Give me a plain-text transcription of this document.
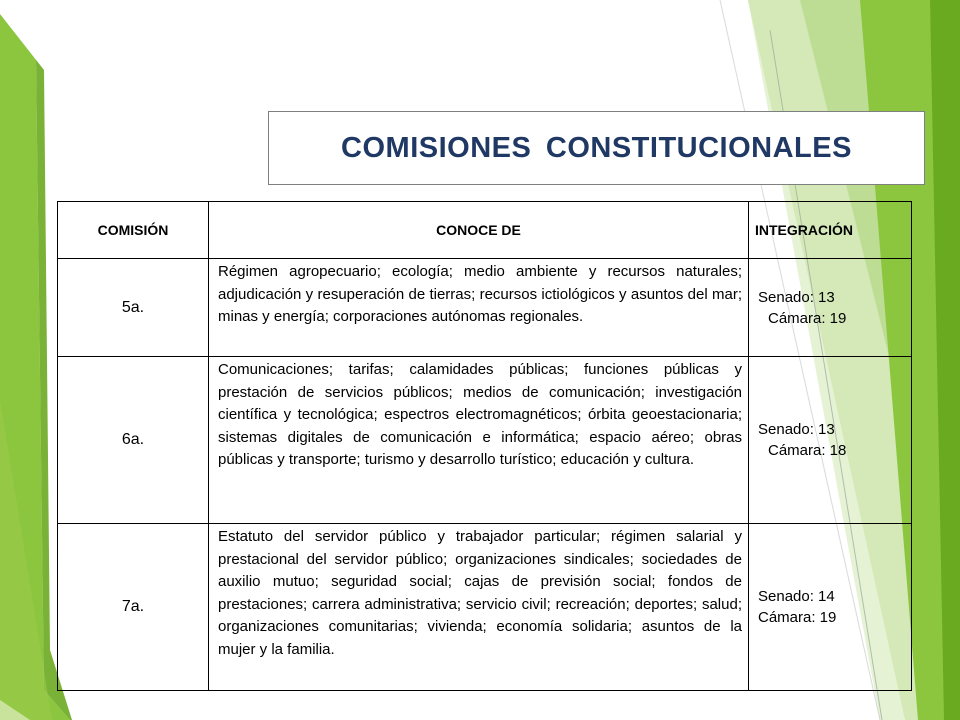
COMISIONES CONSTITUCIONALES
COMISIÓN	CONOCE DE	INTEGRACIÓN
5a.	Régimen agropecuario; ecología; medio ambiente y recursos naturales; adjudicación y resuperación de tierras; recursos ictiológicos y asuntos del mar; minas y energía; corporaciones autónomas regionales.	Senado: 13
Cámara: 19

6a.	Comunicaciones; tarifas; calamidades públicas; funciones públicas y prestación de servicios públicos; medios de comunicación; investigación científica y tecnológica; espectros electromagnéticos; órbita geoestacionaria; sistemas digitales de comunicación e informática; espacio aéreo; obras públicas y transporte; turismo y desarrollo turístico; educación y cultura.	Senado: 13
Cámara: 18

7a.	Estatuto del servidor público y trabajador particular; régimen salarial y prestacional del servidor público; organizaciones sindicales; sociedades de auxilio mutuo; seguridad social; cajas de previsión social; fondos de prestaciones; carrera administrativa; servicio civil; recreación; deportes; salud; organizaciones comunitarias; vivienda; economía solidaria; asuntos de la mujer y la familia.	Senado: 14
Cámara: 19
